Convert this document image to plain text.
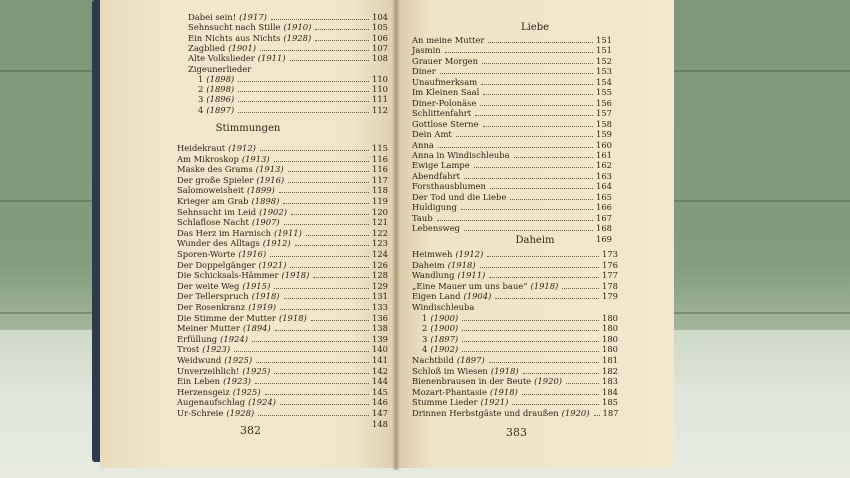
Dabei sein! (1917)	104
Sehnsucht nach Stille (1910)	105
Ein Nichts aus Nichts (1928)	106
Zagblied (1901)	107
Alte Volkslieder (1911)	108
Zigeunerlieder
1 (1898)	110
2 (1898)	110
3 (1896)	111
4 (1897)	112
Stimmungen
Heidekraut (1912)	115
Am Mikroskop (1913)	116
Maske des Grams (1913)	116
Der große Spieler (1916)	117
Salomoweisheit (1899)	118
Krieger am Grab (1898)	119
Sehnsucht im Leid (1902)	120
Schlaflose Nacht (1907)	121
Das Herz im Harnisch (1911)	122
Wunder des Alltags (1912)	123
Sporen-Worte (1916)	124
Der Doppelgänger (1921)	126
Die Schicksals-Hämmer (1918)	128
Der weite Weg (1915)	129
Der Tellerspruch (1918)	131
Der Rosenkranz (1919)	133
Die Stimme der Mutter (1918)	136
Meiner Mutter (1894)	138
Erfüllung (1924)	139
Trost (1923)	140
Weidwund (1925)	141
Unverzeihlich! (1925)	142
Ein Leben (1923)	144
Herzensgeiz (1925)	145
Augenaufschlag (1924)	146
Ur-Schreie (1928)	147
148
382
Liebe
An meine Mutter	151
Jasmin	151
Grauer Morgen	152
Diner	153
Unaufmerksam	154
Im Kleinen Saal	155
Diner-Polonäse	156
Schlittenfahrt	157
Gottlose Sterne	158
Dein Amt	159
Anna	160
Anna in Windischleuba	161
Ewige Lampe	162
Abendfahrt	163
Forsthausblumen	164
Der Tod und die Liebe	165
Huldigung	166
Taub	167
Lebensweg	168
169
Daheim
Heimweh (1912)	173
Daheim (1918)	176
Wandlung (1911)	177
„Eine Mauer um uns baue“ (1918)	178
Eigen Land (1904)	179
Windischleuba
1 (1900)	180
2 (1900)	180
3 (1897)	180
4 (1902)	180
Nachtbild (1897)	181
Schloß im Wiesen (1918)	182
Bienenbrausen in der Beute (1920)	183
Mozart-Phantasie (1918)	184
Stumme Lieder (1921)	185
Drinnen Herbstgäste und draußen (1920) 187
383
